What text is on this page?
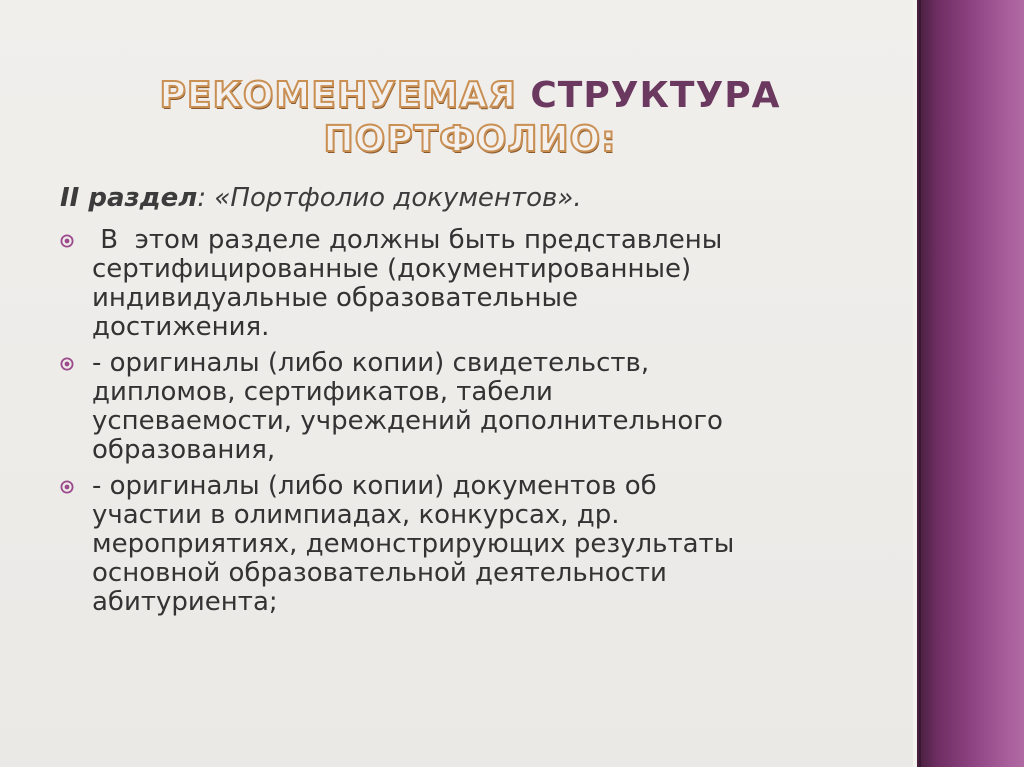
РЕКОМЕНУЕМАЯ СТРУКТУРА
ПОРТФОЛИО:

II раздел: «Портфолио документов».

В  этом разделе должны быть представлены
сертифицированные (документированные)
индивидуальные образовательные
достижения.
- оригиналы (либо копии) свидетельств,
дипломов, сертификатов, табели
успеваемости, учреждений дополнительного
образования,
- оригиналы (либо копии) документов об
участии в олимпиадах, конкурсах, др.
мероприятиях, демонстрирующих результаты
основной образовательной деятельности
абитуриента;
